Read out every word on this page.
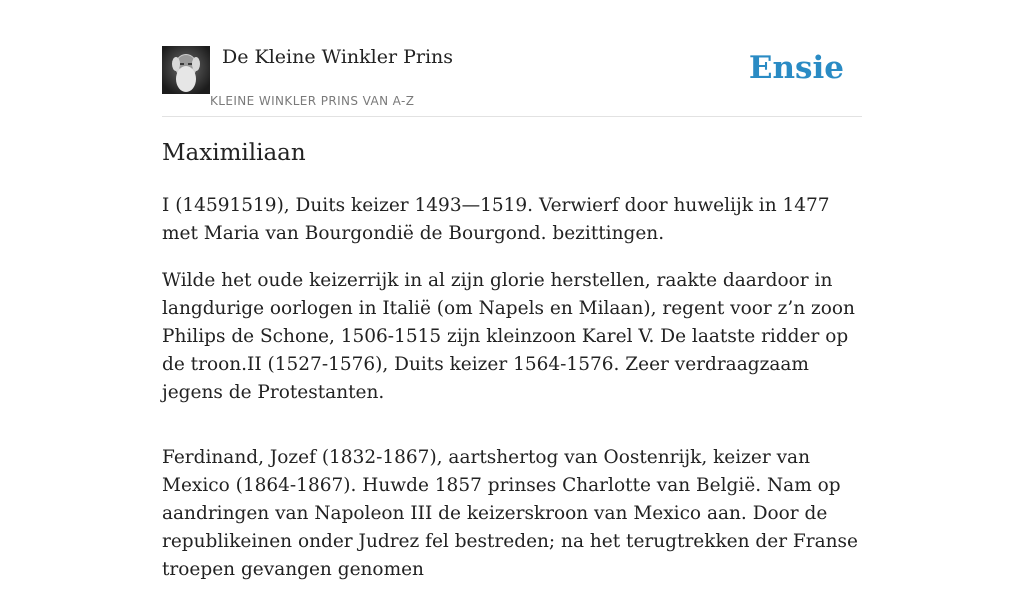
De Kleine Winkler Prins
KLEINE WINKLER PRINS VAN A-Z
Ensie
Maximiliaan

I (14591519), Duits keizer 1493—1519. Verwierf door huwelijk in 1477 met Maria van Bourgondië de Bourgond. bezittingen.

Wilde het oude keizerrijk in al zijn glorie herstellen, raakte daardoor in langdurige oorlogen in Italië (om Napels en Milaan), regent voor z’n zoon Philips de Schone, 1506-1515 zijn kleinzoon Karel V. De laatste ridder op de troon.II (1527-1576), Duits keizer 1564-1576. Zeer verdraagzaam jegens de Protestanten.

Ferdinand, Jozef (1832-1867), aartshertog van Oostenrijk, keizer van Mexico (1864-1867). Huwde 1857 prinses Charlotte van België. Nam op aandringen van Napoleon III de keizerskroon van Mexico aan. Door de republikeinen onder Judrez fel bestreden; na het terugtrekken der Franse troepen gevangen genomen
